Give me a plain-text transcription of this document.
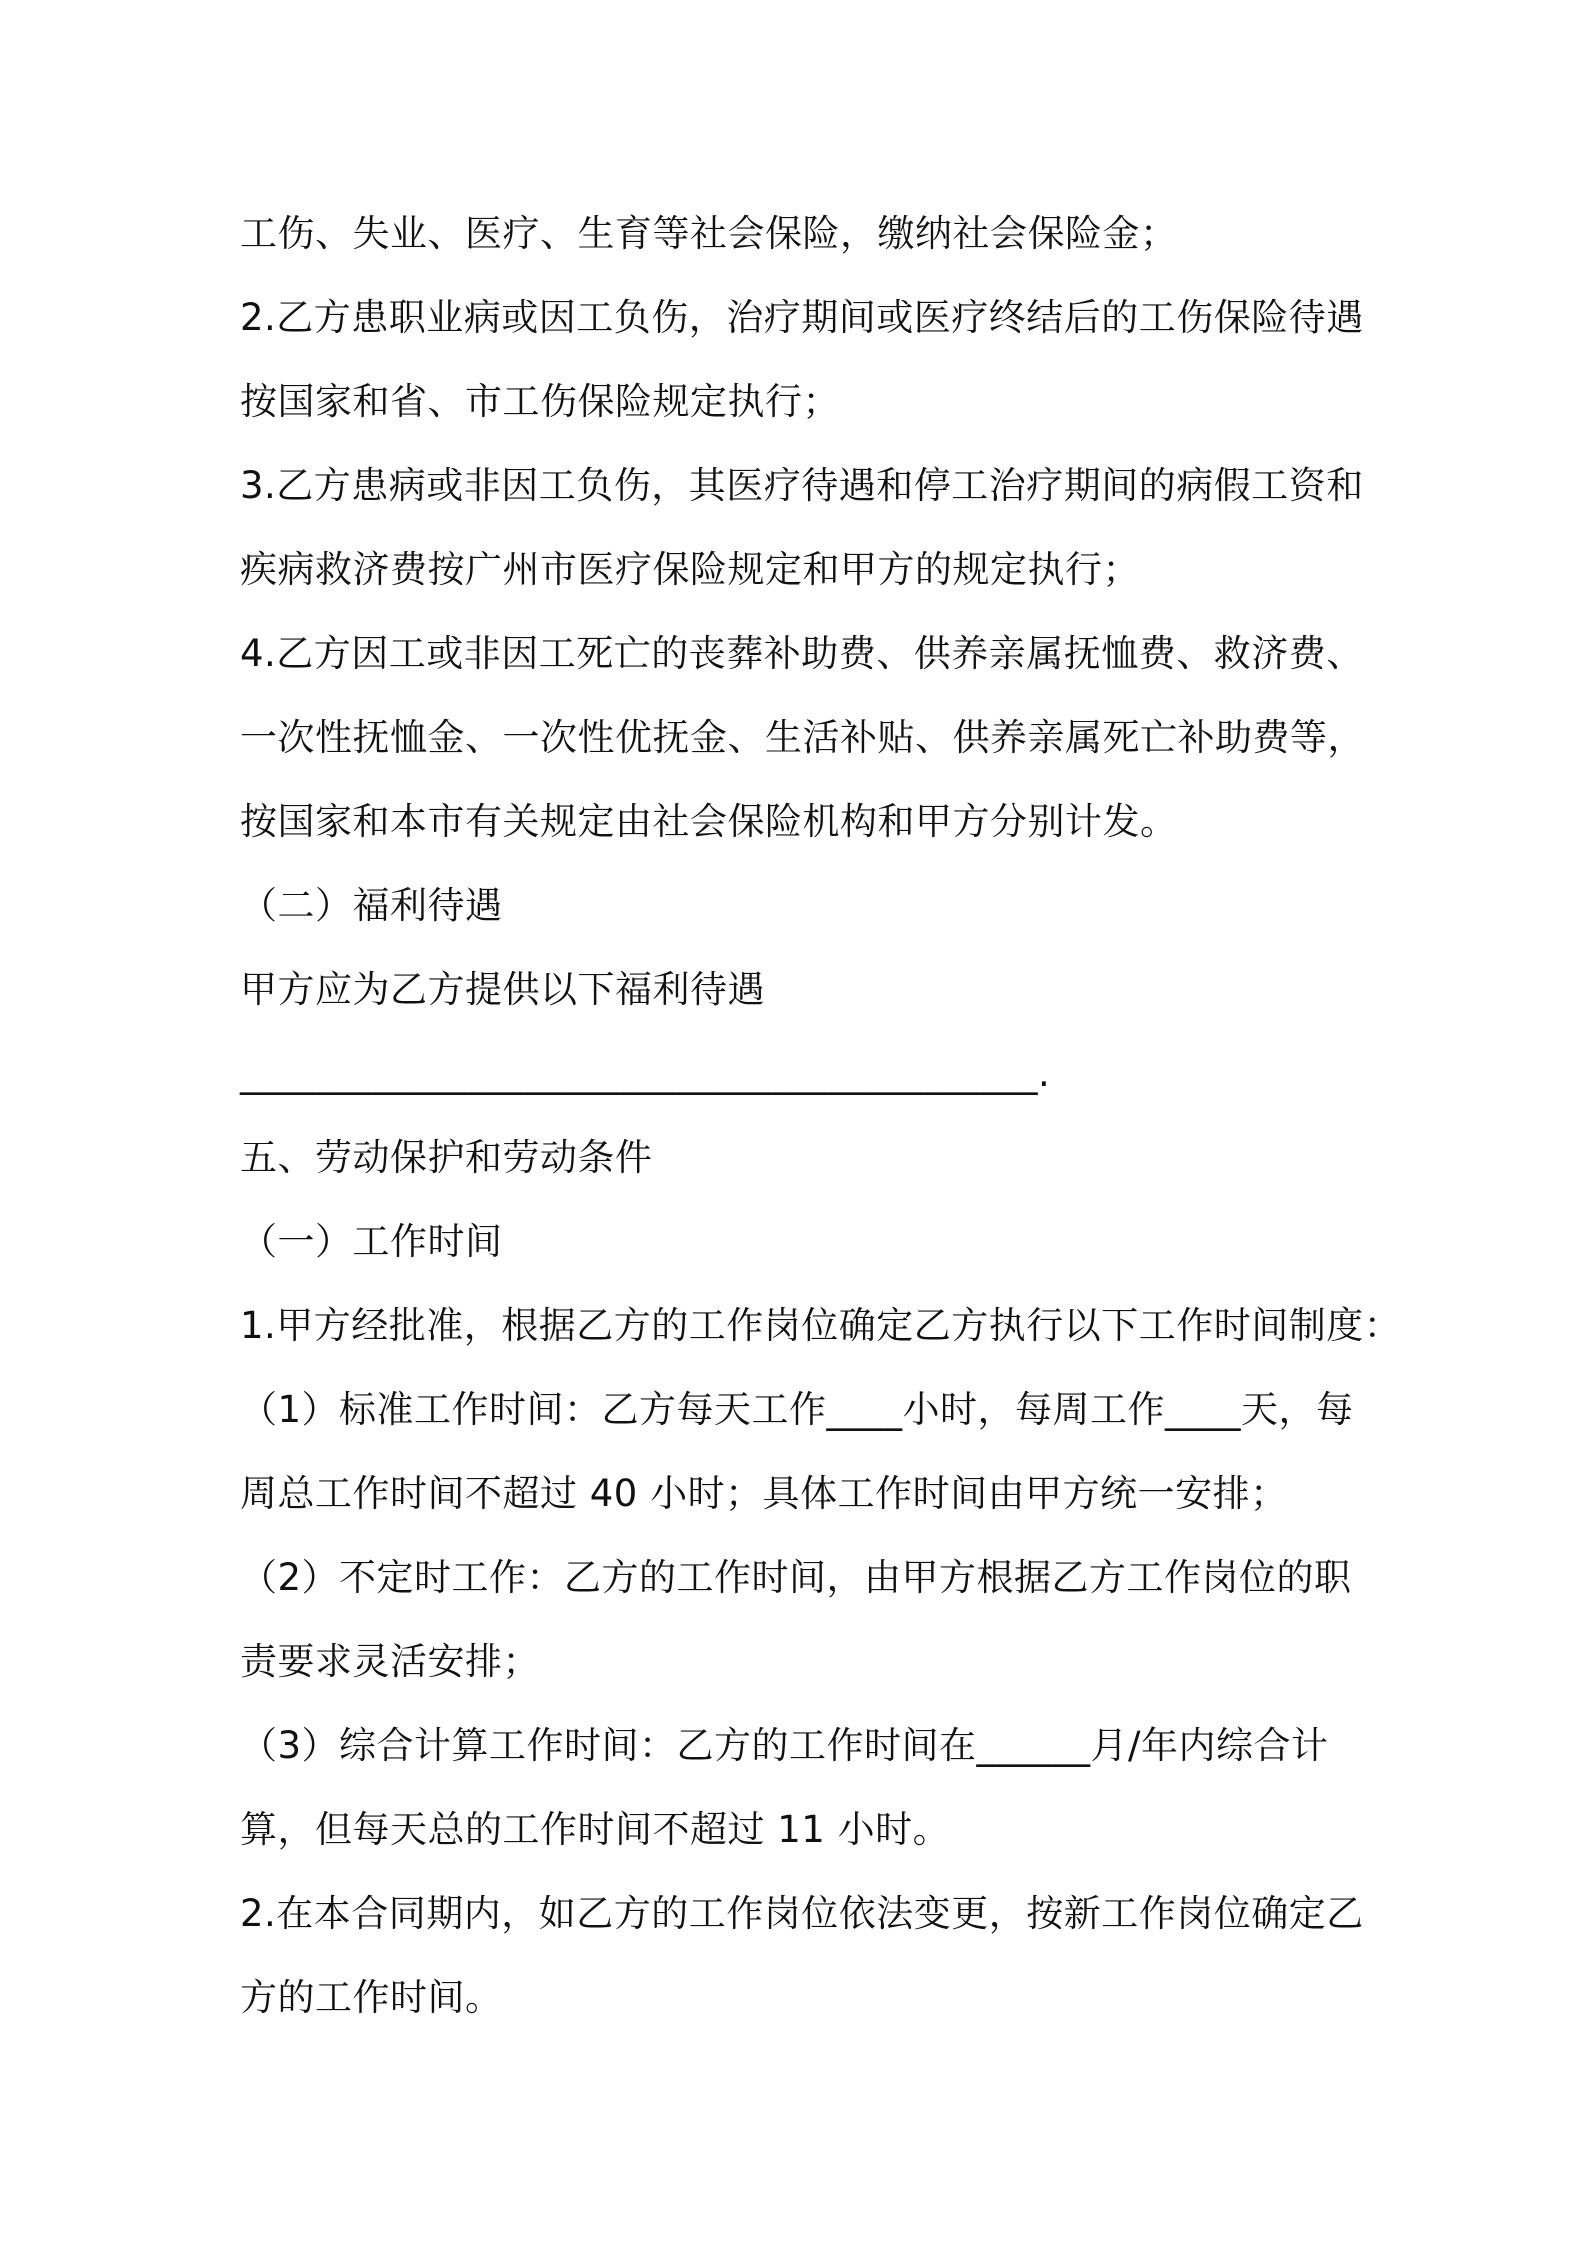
工伤、失业、医疗、生育等社会保险，缴纳社会保险金；
2.乙方患职业病或因工负伤，治疗期间或医疗终结后的工伤保险待遇
按国家和省、市工伤保险规定执行；
3.乙方患病或非因工负伤，其医疗待遇和停工治疗期间的病假工资和
疾病救济费按广州市医疗保险规定和甲方的规定执行；
4.乙方因工或非因工死亡的丧葬补助费、供养亲属抚恤费、救济费、
一次性抚恤金、一次性优抚金、生活补贴、供养亲属死亡补助费等，
按国家和本市有关规定由社会保险机构和甲方分别计发。
（二）福利待遇
甲方应为乙方提供以下福利待遇
__________________________________________.
五、劳动保护和劳动条件
（一）工作时间
1.甲方经批准，根据乙方的工作岗位确定乙方执行以下工作时间制度：
（1）标准工作时间：乙方每天工作____小时，每周工作____天，每
周总工作时间不超过 40 小时；具体工作时间由甲方统一安排；
（2）不定时工作：乙方的工作时间，由甲方根据乙方工作岗位的职
责要求灵活安排；
（3）综合计算工作时间：乙方的工作时间在______月/年内综合计
算，但每天总的工作时间不超过 11 小时。
2.在本合同期内，如乙方的工作岗位依法变更，按新工作岗位确定乙
方的工作时间。
